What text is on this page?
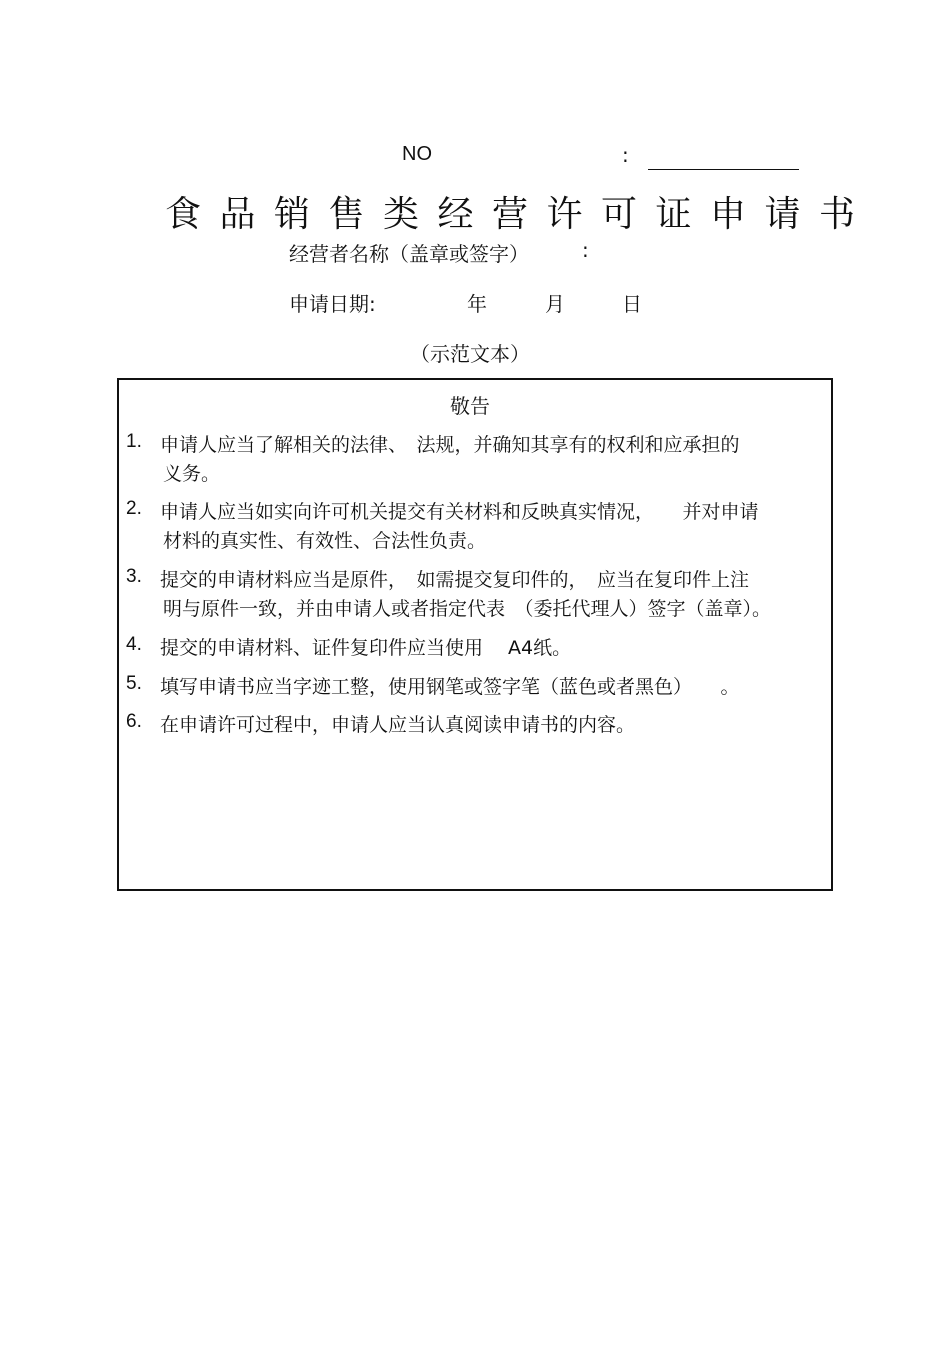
NO	:
食品销售类经营许可证申请书
经营者名称（盖章或签字）	:
申请日期:	年	月	日
（示范文本）
敬告
1. 申请人应当了解相关的法律、　法规，并确知其享有的权利和应承担的
义务。
2. 申请人应当如实向许可机关提交有关材料和反映真实情况，　　并对申请
材料的真实性、有效性、合法性负责。
3. 提交的申请材料应当是原件，　如需提交复印件的，　应当在复印件上注
明与原件一致，并由申请人或者指定代表　（委托代理人）签字（盖章）。
4. 提交的申请材料、证件复印件应当使用　 A4纸。
5. 填写申请书应当字迹工整，使用钢笔或签字笔（蓝色或者黑色）　　。
6. 在申请许可过程中，申请人应当认真阅读申请书的内容。
